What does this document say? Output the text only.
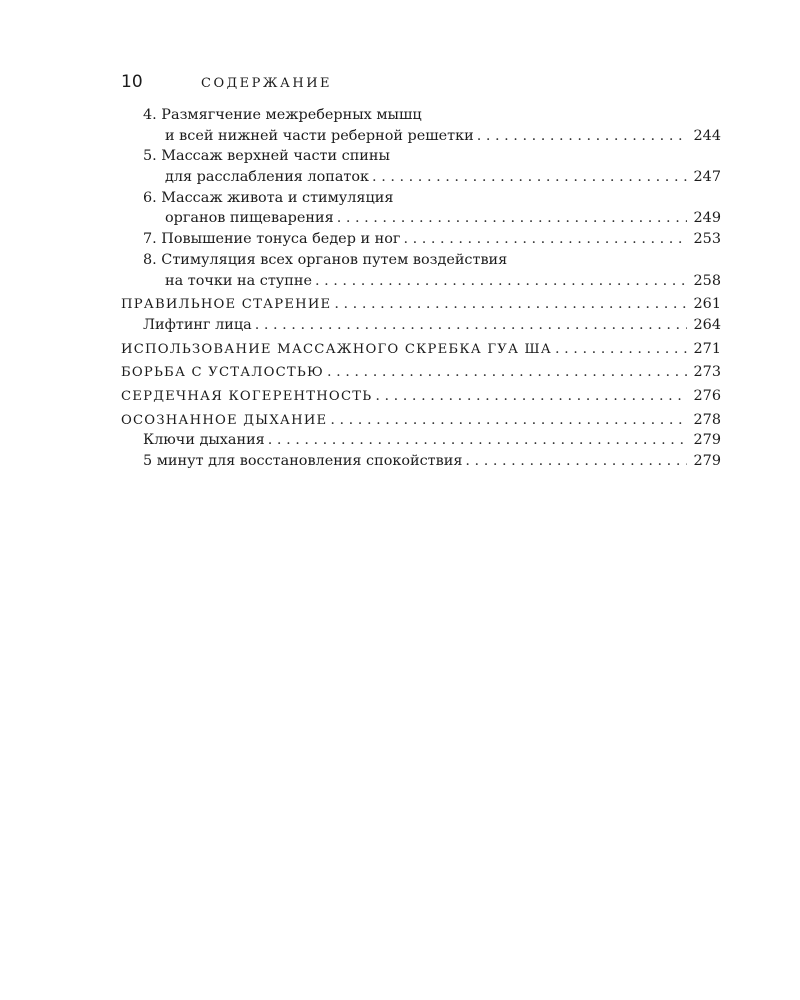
10	СОДЕРЖАНИЕ
4. Размягчение межреберных мышц
и всей нижней части реберной решетки . . .	244
5. Массаж верхней части спины
для расслабления лопаток . . .	247
6. Массаж живота и стимуляция
органов пищеварения . . .	249
7. Повышение тонуса бедер и ног . . .	253
8. Стимуляция всех органов путем воздействия
на точки на ступне . . .	258
ПРАВИЛЬНОЕ СТАРЕНИЕ . . .	261
Лифтинг лица . . .	264
ИСПОЛЬЗОВАНИЕ МАССАЖНОГО СКРЕБКА ГУА ША . . .	271
БОРЬБА С УСТАЛОСТЬЮ . . .	273
СЕРДЕЧНАЯ КОГЕРЕНТНОСТЬ . . .	276
ОСОЗНАННОЕ ДЫХАНИЕ . . .	278
Ключи дыхания . . .	279
5 минут для восстановления спокойствия . . .	279
